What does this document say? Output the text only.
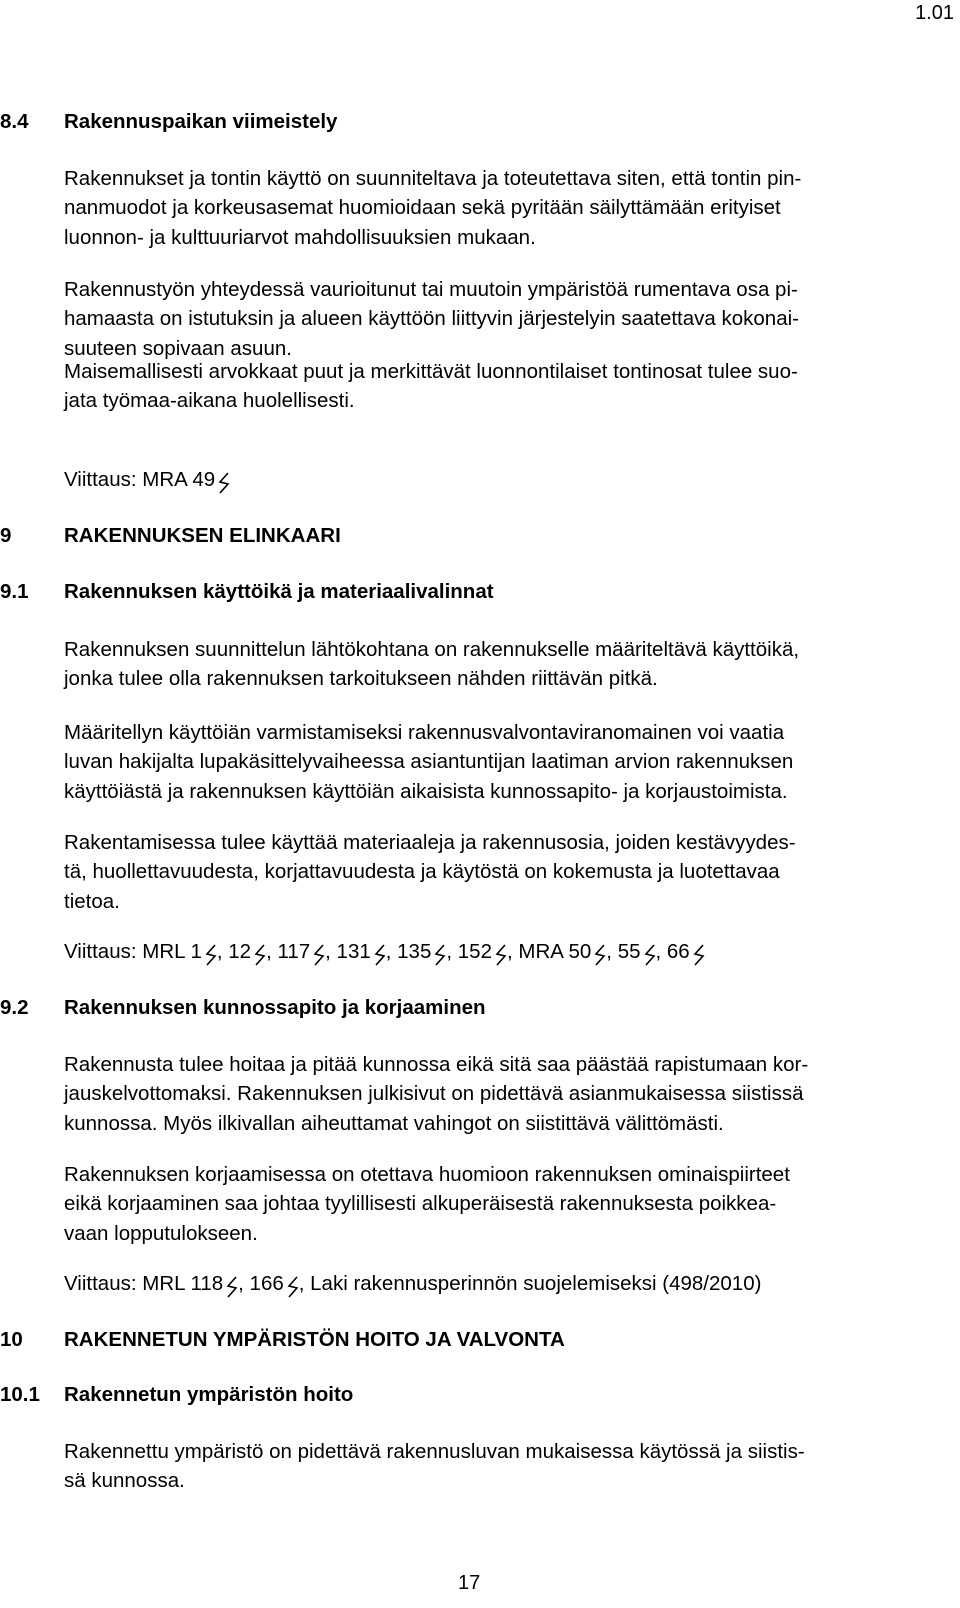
1.01
8.4 Rakennuspaikan viimeistely
Rakennukset ja tontin käyttö on suunniteltava ja toteutettava siten, että tontin pin-
nanmuodot ja korkeusasemat huomioidaan sekä pyritään säilyttämään erityiset
luonnon- ja kulttuuriarvot mahdollisuuksien mukaan.
Rakennustyön yhteydessä vaurioitunut tai muutoin ympäristöä rumentava osa pi-
hamaasta on istutuksin ja alueen käyttöön liittyvin järjestelyin saatettava kokonai-
suuteen sopivaan asuun.
Maisemallisesti arvokkaat puut ja merkittävät luonnontilaiset tontinosat tulee suo-
jata työmaa-aikana huolellisesti.
Viittaus: MRA 49
9	RAKENNUKSEN ELINKAARI
9.1 Rakennuksen käyttöikä ja materiaalivalinnat
Rakennuksen suunnittelun lähtökohtana on rakennukselle määriteltävä käyttöikä,
jonka tulee olla rakennuksen tarkoitukseen nähden riittävän pitkä.
Määritellyn käyttöiän varmistamiseksi rakennusvalvontaviranomainen voi vaatia
luvan hakijalta lupakäsittelyvaiheessa asiantuntijan laatiman arvion rakennuksen
käyttöiästä ja rakennuksen käyttöiän aikaisista kunnossapito- ja korjaustoimista.
Rakentamisessa tulee käyttää materiaaleja ja rakennusosia, joiden kestävyydes-
tä, huollettavuudesta, korjattavuudesta ja käytöstä on kokemusta ja luotettavaa
tietoa.
Viittaus: MRL 1 , 12 , 117 , 131 , 135 , 152 , MRA 50 , 55 , 66
9.2 Rakennuksen kunnossapito ja korjaaminen
Rakennusta tulee hoitaa ja pitää kunnossa eikä sitä saa päästää rapistumaan kor-
jauskelvottomaksi. Rakennuksen julkisivut on pidettävä asianmukaisessa siistissä
kunnossa. Myös ilkivallan aiheuttamat vahingot on siistittävä välittömästi.
Rakennuksen korjaamisessa on otettava huomioon rakennuksen ominaispiirteet
eikä korjaaminen saa johtaa tyylillisesti alkuperäisestä rakennuksesta poikkea-
vaan lopputulokseen.
Viittaus: MRL 118 , 166 , Laki rakennusperinnön suojelemiseksi (498/2010)
10 RAKENNETUN YMPÄRISTÖN HOITO JA VALVONTA
10.1 Rakennetun ympäristön hoito
Rakennettu ympäristö on pidettävä rakennusluvan mukaisessa käytössä ja siistis-
sä kunnossa.
17
